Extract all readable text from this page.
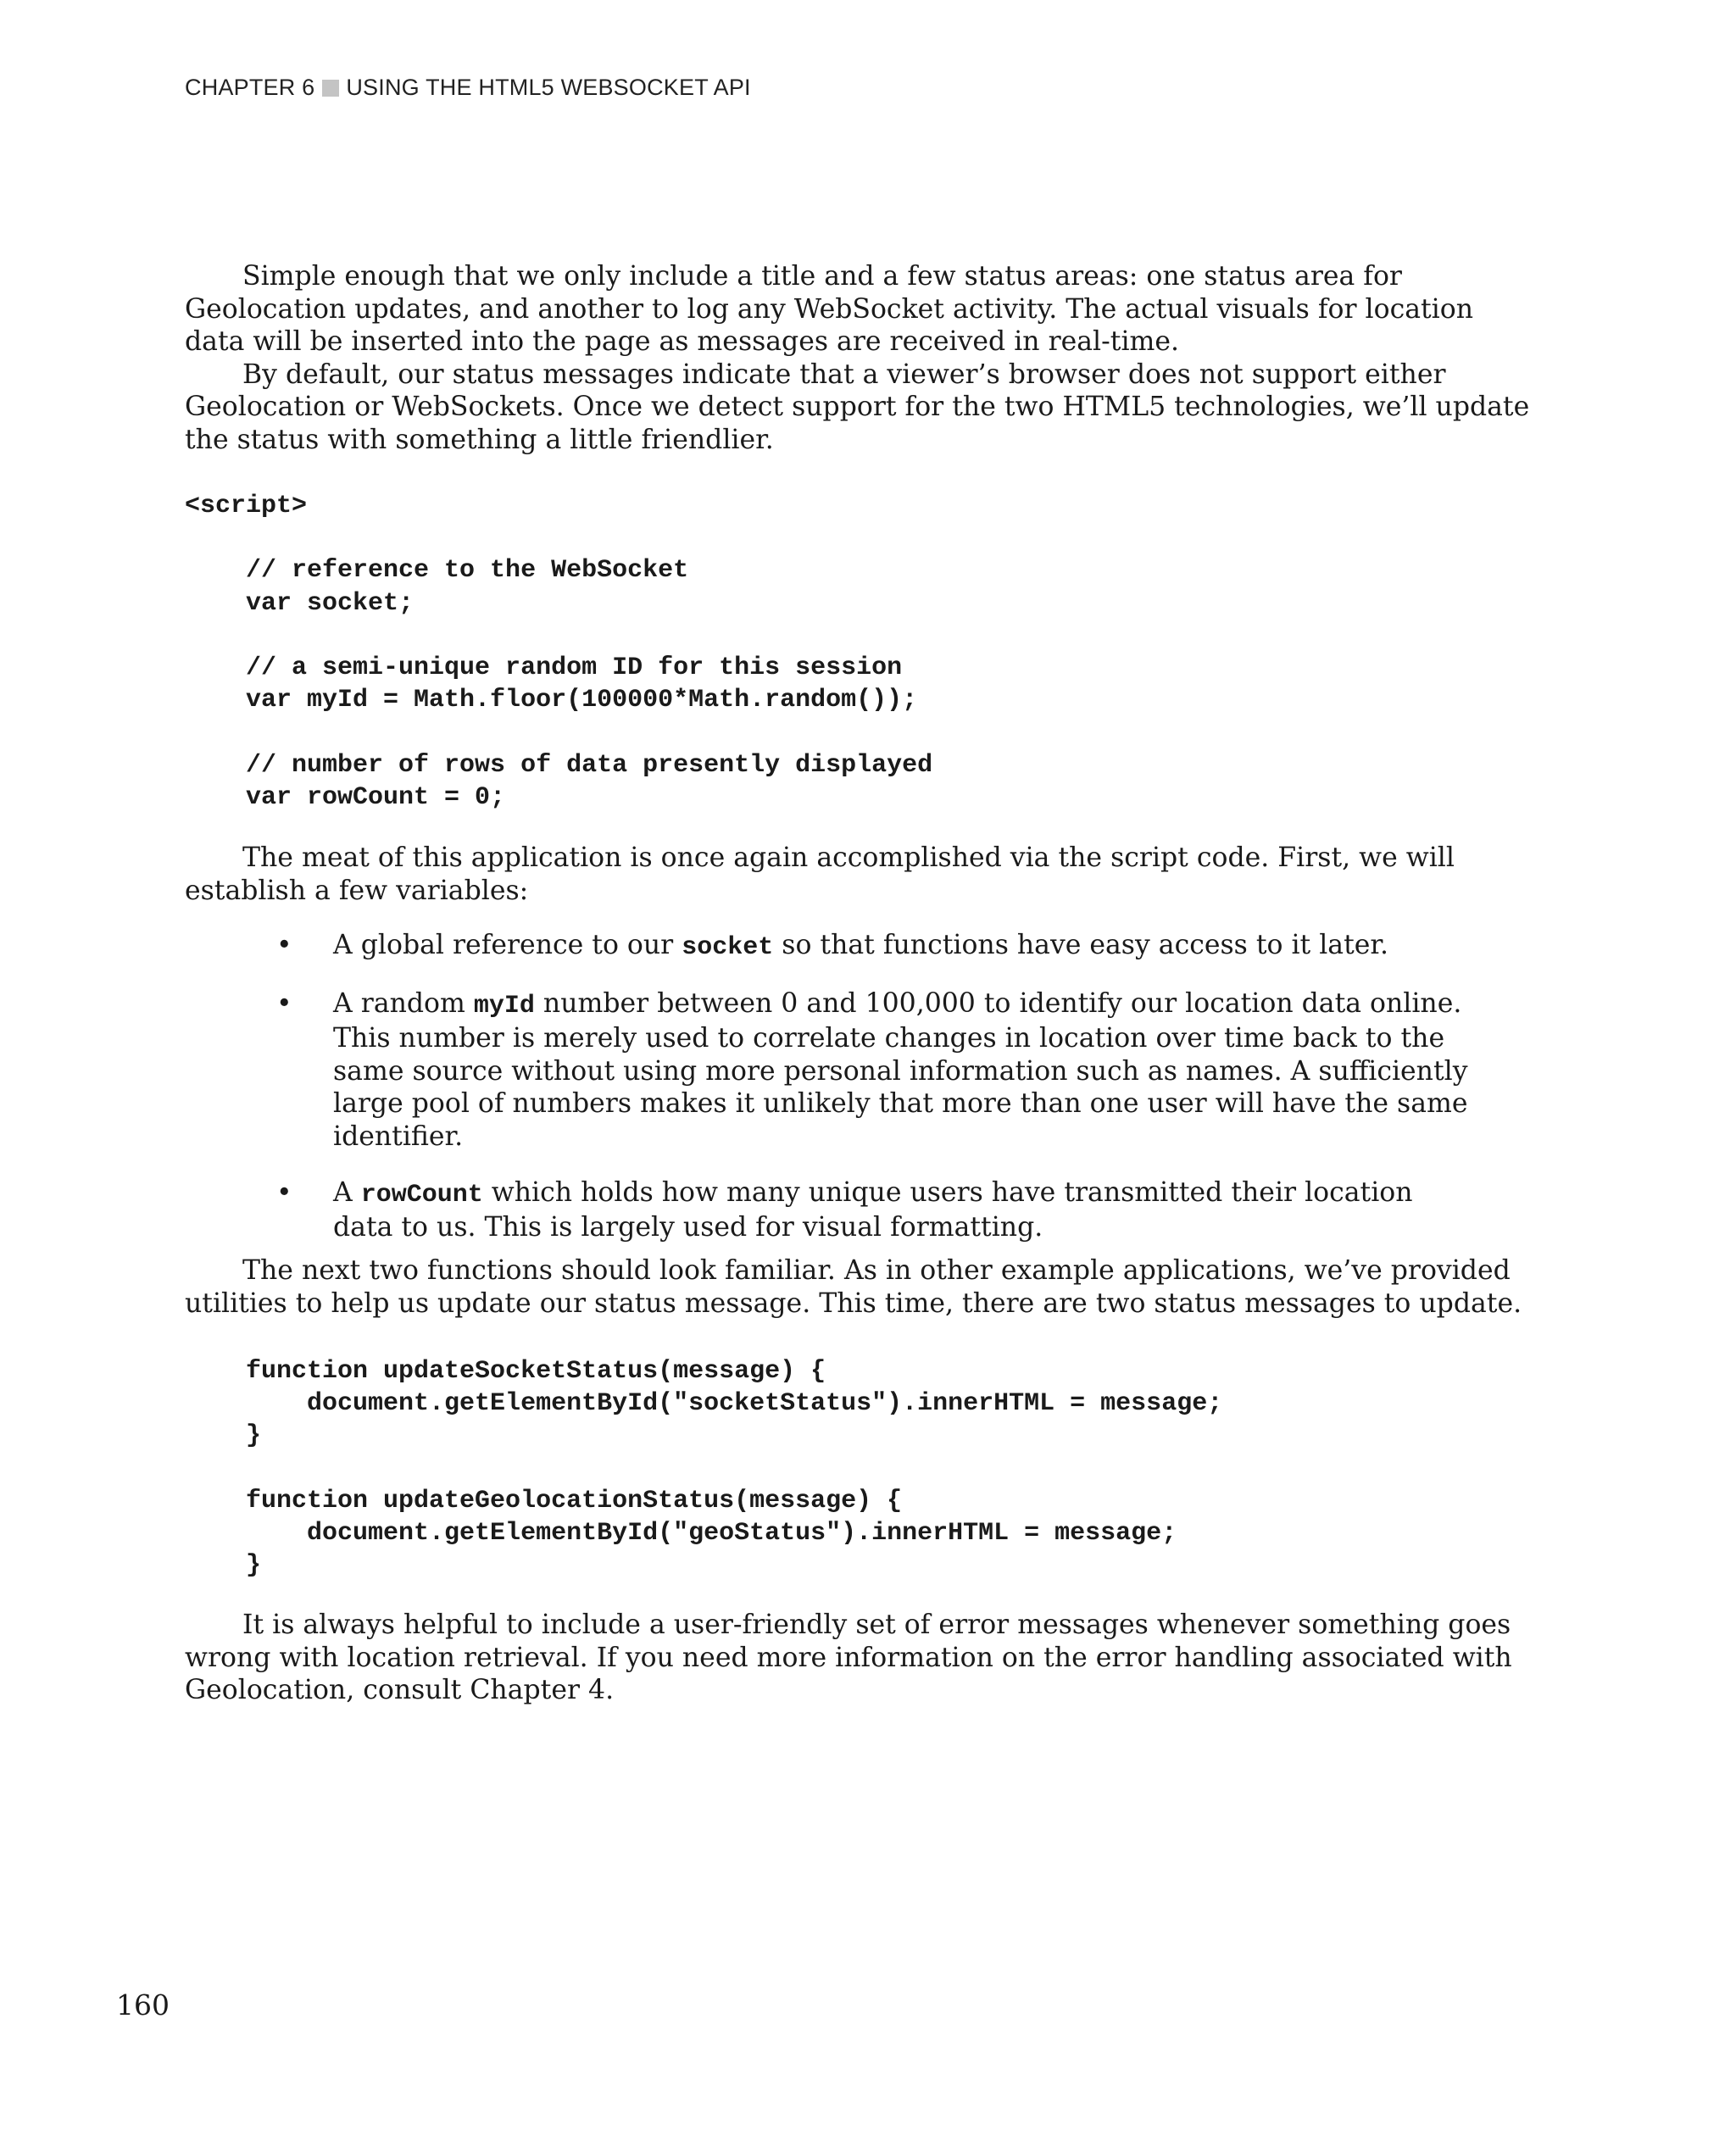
CHAPTER 6 USING THE HTML5 WEBSOCKET API

Simple enough that we only include a title and a few status areas: one status area for Geolocation updates, and another to log any WebSocket activity. The actual visuals for location data will be inserted into the page as messages are received in real-time.

By default, our status messages indicate that a viewer’s browser does not support either Geolocation or WebSockets. Once we detect support for the two HTML5 technologies, we’ll update the status with something a little friendlier.

<script>

// reference to the WebSocket
var socket;

// a semi-unique random ID for this session
var myId = Math.floor(100000*Math.random());

// number of rows of data presently displayed
var rowCount = 0;

The meat of this application is once again accomplished via the script code. First, we will establish a few variables:

• A global reference to our socket so that functions have easy access to it later.
• A random myId number between 0 and 100,000 to identify our location data online. This number is merely used to correlate changes in location over time back to the same source without using more personal information such as names. A sufficiently large pool of numbers makes it unlikely that more than one user will have the same identifier.
• A rowCount which holds how many unique users have transmitted their location data to us. This is largely used for visual formatting.

The next two functions should look familiar. As in other example applications, we’ve provided utilities to help us update our status message. This time, there are two status messages to update.

function updateSocketStatus(message) {
document.getElementById("socketStatus").innerHTML = message;
}

function updateGeolocationStatus(message) {
document.getElementById("geoStatus").innerHTML = message;
}

It is always helpful to include a user-friendly set of error messages whenever something goes wrong with location retrieval. If you need more information on the error handling associated with Geolocation, consult Chapter 4.

160
